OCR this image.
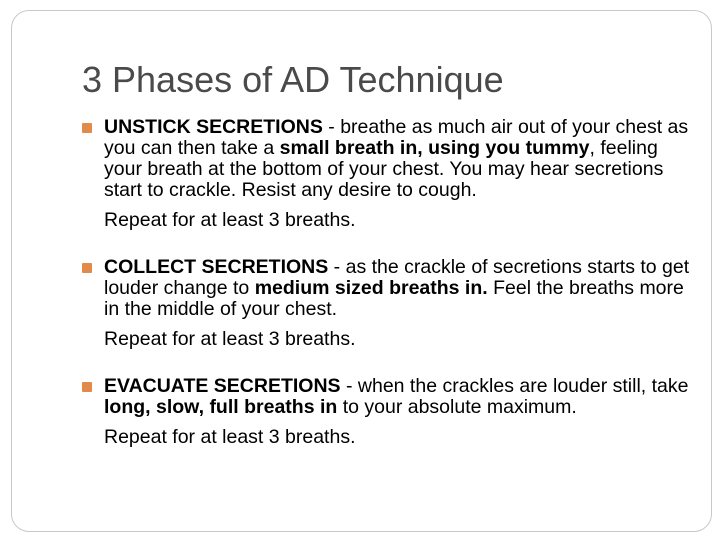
3 Phases of AD Technique

UNSTICK SECRETIONS - breathe as much air out of your chest as you can then take a small breath in, using you tummy, feeling your breath at the bottom of your chest. You may hear secretions start to crackle. Resist any desire to cough.

Repeat for at least 3 breaths.

COLLECT SECRETIONS - as the crackle of secretions starts to get louder change to medium sized breaths in. Feel the breaths more in the middle of your chest.

Repeat for at least 3 breaths.

EVACUATE SECRETIONS - when the crackles are louder still, take long, slow, full breaths in to your absolute maximum.

Repeat for at least 3 breaths.
